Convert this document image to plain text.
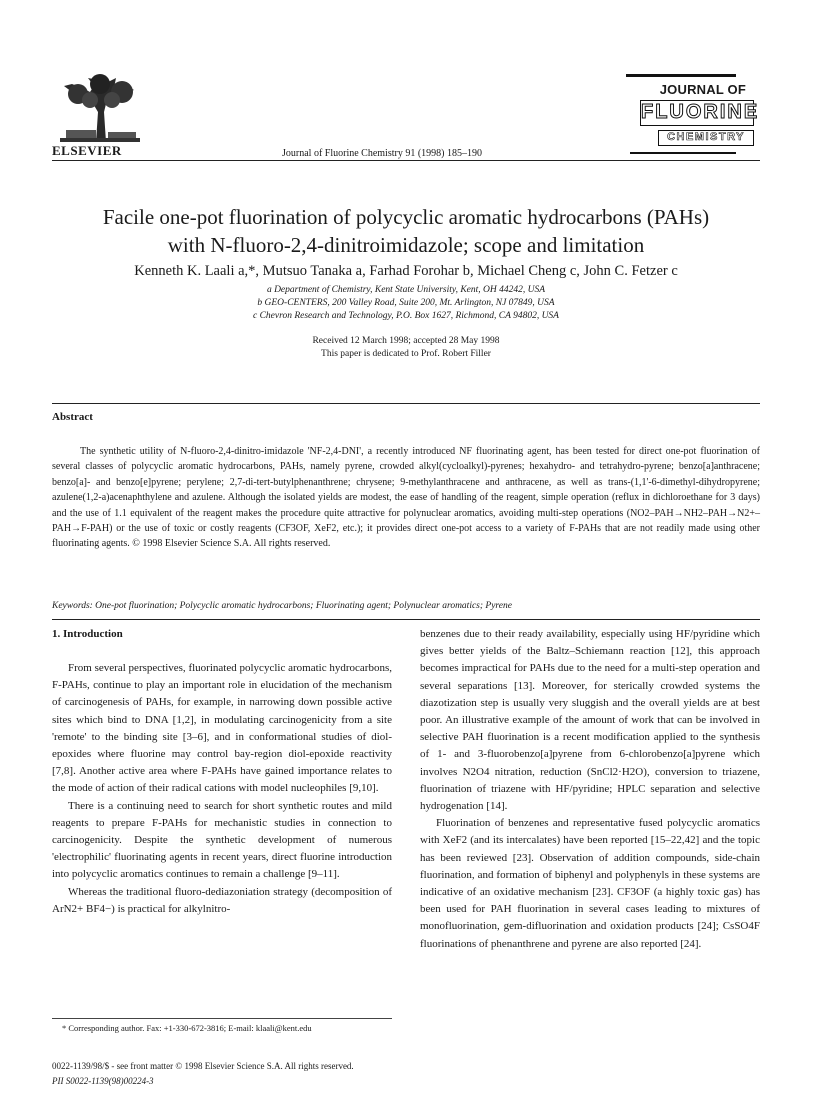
ELSEVIER	Journal of Fluorine Chemistry 91 (1998) 185–190
JOURNAL OF
FLUORINE
CHEMISTRY
Facile one-pot fluorination of polycyclic aromatic hydrocarbons (PAHs)
with N-fluoro-2,4-dinitroimidazole; scope and limitation
Kenneth K. Laali a,*, Mutsuo Tanaka a, Farhad Forohar b, Michael Cheng c, John C. Fetzer c
a Department of Chemistry, Kent State University, Kent, OH 44242, USA
b GEO-CENTERS, 200 Valley Road, Suite 200, Mt. Arlington, NJ 07849, USA
c Chevron Research and Technology, P.O. Box 1627, Richmond, CA 94802, USA
Received 12 March 1998; accepted 28 May 1998
This paper is dedicated to Prof. Robert Filler
Abstract
The synthetic utility of N-fluoro-2,4-dinitro-imidazole 'NF-2,4-DNI', a recently introduced NF fluorinating agent, has been tested for direct one-pot fluorination of several classes of polycyclic aromatic hydrocarbons, PAHs, namely pyrene, crowded alkyl(cycloalkyl)-pyrenes; hexahydro- and tetrahydro-pyrene; benzo[a]anthracene; benzo[a]- and benzo[e]pyrene; perylene; 2,7-di-tert-butylphenanthrene; chrysene; 9-methylanthracene and anthracene, as well as trans-(1,1'-6-dimethyl-dihydropyrene; azulene(1,2-a)acenaphthylene and azulene. Although the isolated yields are modest, the ease of handling of the reagent, simple operation (reflux in dichloroethane for 3 days) and the use of 1.1 equivalent of the reagent makes the procedure quite attractive for polynuclear aromatics, avoiding multi-step operations (NO2–PAH→NH2–PAH→N2+–PAH→F-PAH) or the use of toxic or costly reagents (CF3OF, XeF2, etc.); it provides direct one-pot access to a variety of F-PAHs that are not readily made using other fluorinating agents. © 1998 Elsevier Science S.A. All rights reserved.
Keywords: One-pot fluorination; Polycyclic aromatic hydrocarbons; Fluorinating agent; Polynuclear aromatics; Pyrene
1. Introduction

From several perspectives, fluorinated polycyclic aromatic hydrocarbons, F-PAHs, continue to play an important role in elucidation of the mechanism of carcinogenesis of PAHs, for example, in narrowing down possible active sites which bind to DNA [1,2], in modulating carcinogenicity from a site 'remote' to the binding site [3–6], and in conformational studies of diol-epoxides where fluorine may control bay-region diol-epoxide reactivity [7,8]. Another active area where F-PAHs have gained importance relates to the mode of action of their radical cations with model nucleophiles [9,10].

There is a continuing need to search for short synthetic routes and mild reagents to prepare F-PAHs for mechanistic studies in connection to carcinogenicity. Despite the synthetic development of numerous 'electrophilic' fluorinating agents in recent years, direct fluorine introduction into polycyclic aromatics continues to remain a challenge [9–11].

Whereas the traditional fluoro-dediazoniation strategy (decomposition of ArN2+ BF4−) is practical for alkylnitro-

benzenes due to their ready availability, especially using HF/pyridine which gives better yields of the Baltz–Schiemann reaction [12], this approach becomes impractical for PAHs due to the need for a multi-step operation and several separations [13]. Moreover, for sterically crowded systems the diazotization step is usually very sluggish and the overall yields are at best poor. An illustrative example of the amount of work that can be involved in selective PAH fluorination is a recent modification applied to the synthesis of 1- and 3-fluorobenzo[a]pyrene from 6-chlorobenzo[a]pyrene which involves N2O4 nitration, reduction (SnCl2·H2O), conversion to triazene, fluorination of triazene with HF/pyridine; HPLC separation and selective hydrogenation [14].

Fluorination of benzenes and representative fused polycyclic aromatics with XeF2 (and its intercalates) have been reported [15–22,42] and the topic has been reviewed [23]. Observation of addition compounds, side-chain fluorination, and formation of biphenyl and polyphenyls in these systems are indicative of an oxidative mechanism [23]. CF3OF (a highly toxic gas) has been used for PAH fluorination in several cases leading to mixtures of monofluorination, gem-difluorination and oxidation products [24]; CsSO4F fluorinations of phenanthrene and pyrene are also reported [24].

* Corresponding author. Fax: +1-330-672-3816; E-mail: klaali@kent.edu
0022-1139/98/$ - see front matter © 1998 Elsevier Science S.A. All rights reserved.
PII S0022-1139(98)00224-3
